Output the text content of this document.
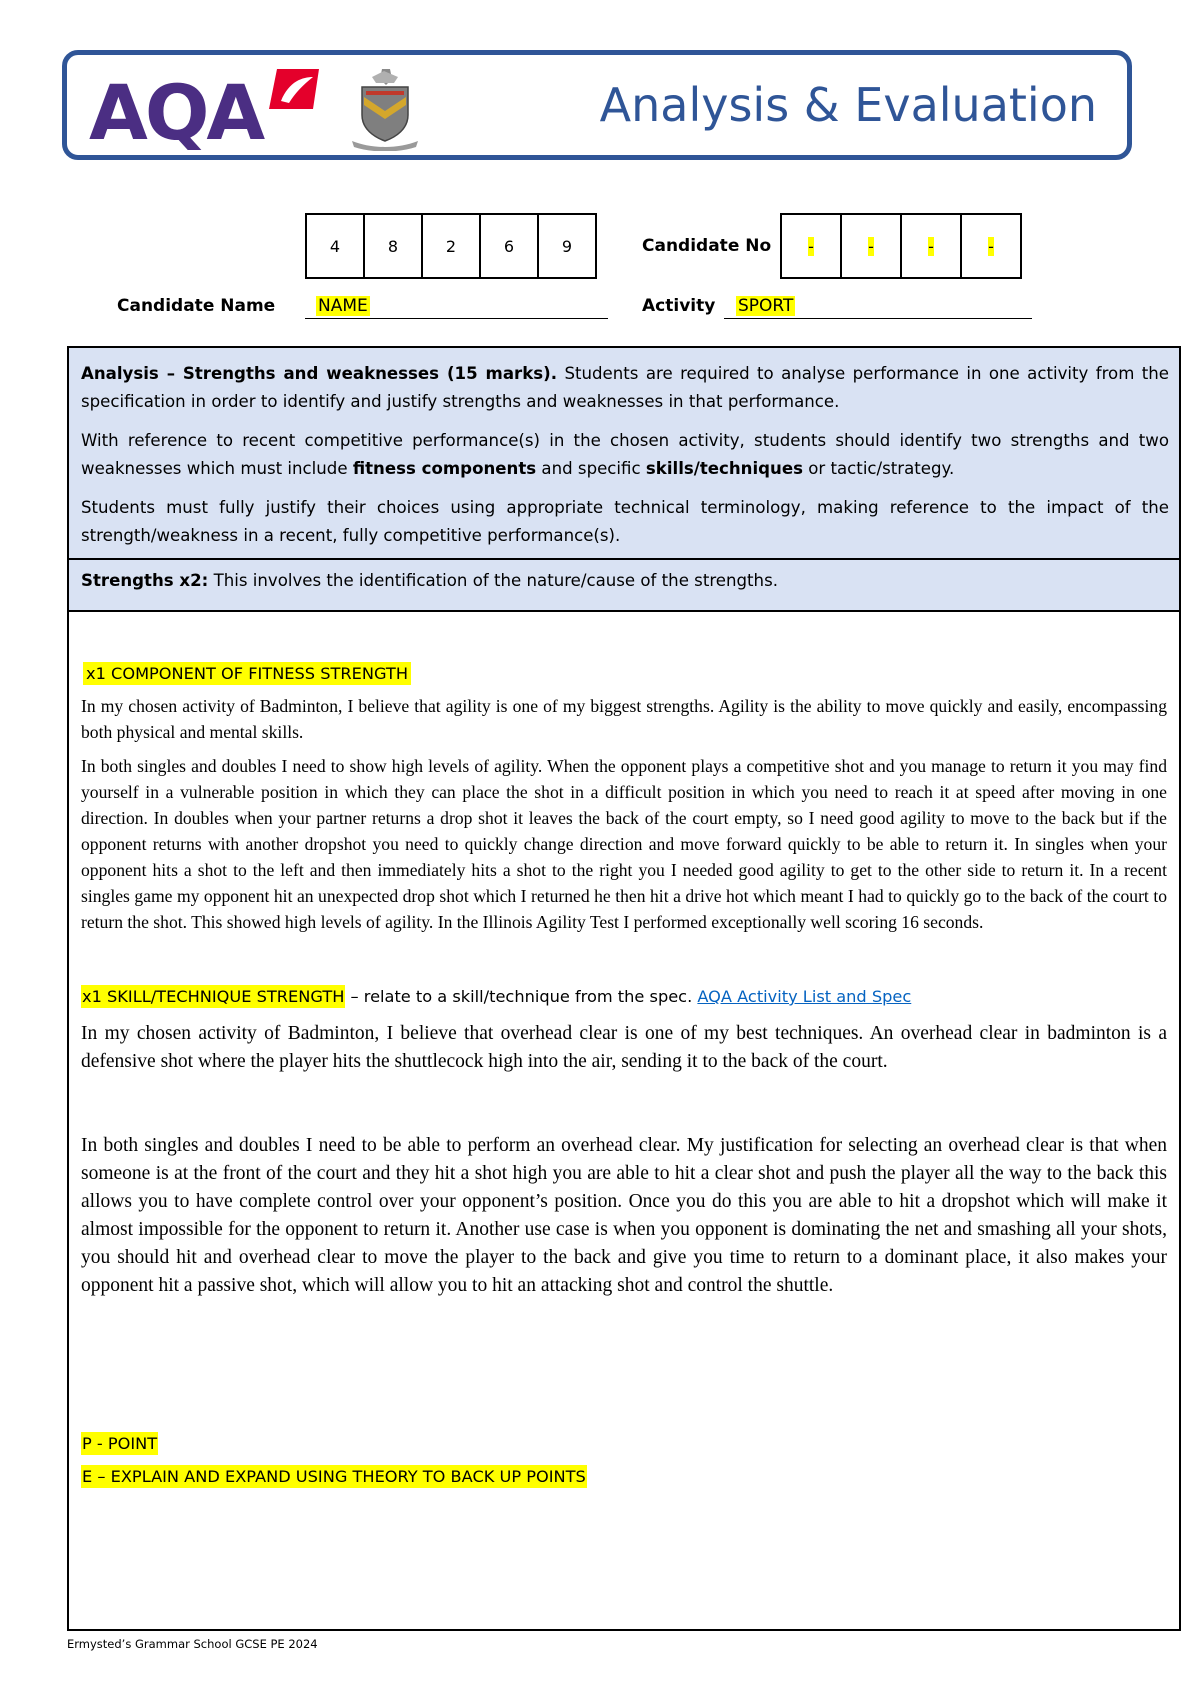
AQA	Analysis & Evaluation
4	8	2	6	9	Candidate No -	-	-	-
Candidate Name	NAME	Activity SPORT

Analysis – Strengths and weaknesses (15 marks). Students are required to analyse performance in one activity from the specification in order to identify and justify strengths and weaknesses in that performance.

With reference to recent competitive performance(s) in the chosen activity, students should identify two strengths and two weaknesses which must include fitness components and specific skills/techniques or tactic/strategy.

Students must fully justify their choices using appropriate technical terminology, making reference to the impact of the strength/weakness in a recent, fully competitive performance(s).

Strengths x2: This involves the identification of the nature/cause of the strengths.
x1 COMPONENT OF FITNESS STRENGTH

In my chosen activity of Badminton, I believe that agility is one of my biggest strengths. Agility is the ability to move quickly and easily, encompassing both physical and mental skills.

In both singles and doubles I need to show high levels of agility. When the opponent plays a competitive shot and you manage to return it you may find yourself in a vulnerable position in which they can place the shot in a difficult position in which you need to reach it at speed after moving in one direction. In doubles when your partner returns a drop shot it leaves the back of the court empty, so I need good agility to move to the back but if the opponent returns with another dropshot you need to quickly change direction and move forward quickly to be able to return it. In singles when your opponent hits a shot to the left and then immediately hits a shot to the right you I needed good agility to get to the other side to return it. In a recent singles game my opponent hit an unexpected drop shot which I returned he then hit a drive hot which meant I had to quickly go to the back of the court to return the shot. This showed high levels of agility. In the Illinois Agility Test I performed exceptionally well scoring 16 seconds.

x1 SKILL/TECHNIQUE STRENGTH – relate to a skill/technique from the spec. AQA Activity List and Spec

In my chosen activity of Badminton, I believe that overhead clear is one of my best techniques. An overhead clear in badminton is a defensive shot where the player hits the shuttlecock high into the air, sending it to the back of the court.

In both singles and doubles I need to be able to perform an overhead clear. My justification for selecting an overhead clear is that when someone is at the front of the court and they hit a shot high you are able to hit a clear shot and push the player all the way to the back this allows you to have complete control over your opponent’s position. Once you do this you are able to hit a dropshot which will make it almost impossible for the opponent to return it. Another use case is when you opponent is dominating the net and smashing all your shots, you should hit and overhead clear to move the player to the back and give you time to return to a dominant place, it also makes your opponent hit a passive shot, which will allow you to hit an attacking shot and control the shuttle.

P - POINT
E – EXPLAIN AND EXPAND USING THEORY TO BACK UP POINTS
Ermysted’s Grammar School GCSE PE 2024
